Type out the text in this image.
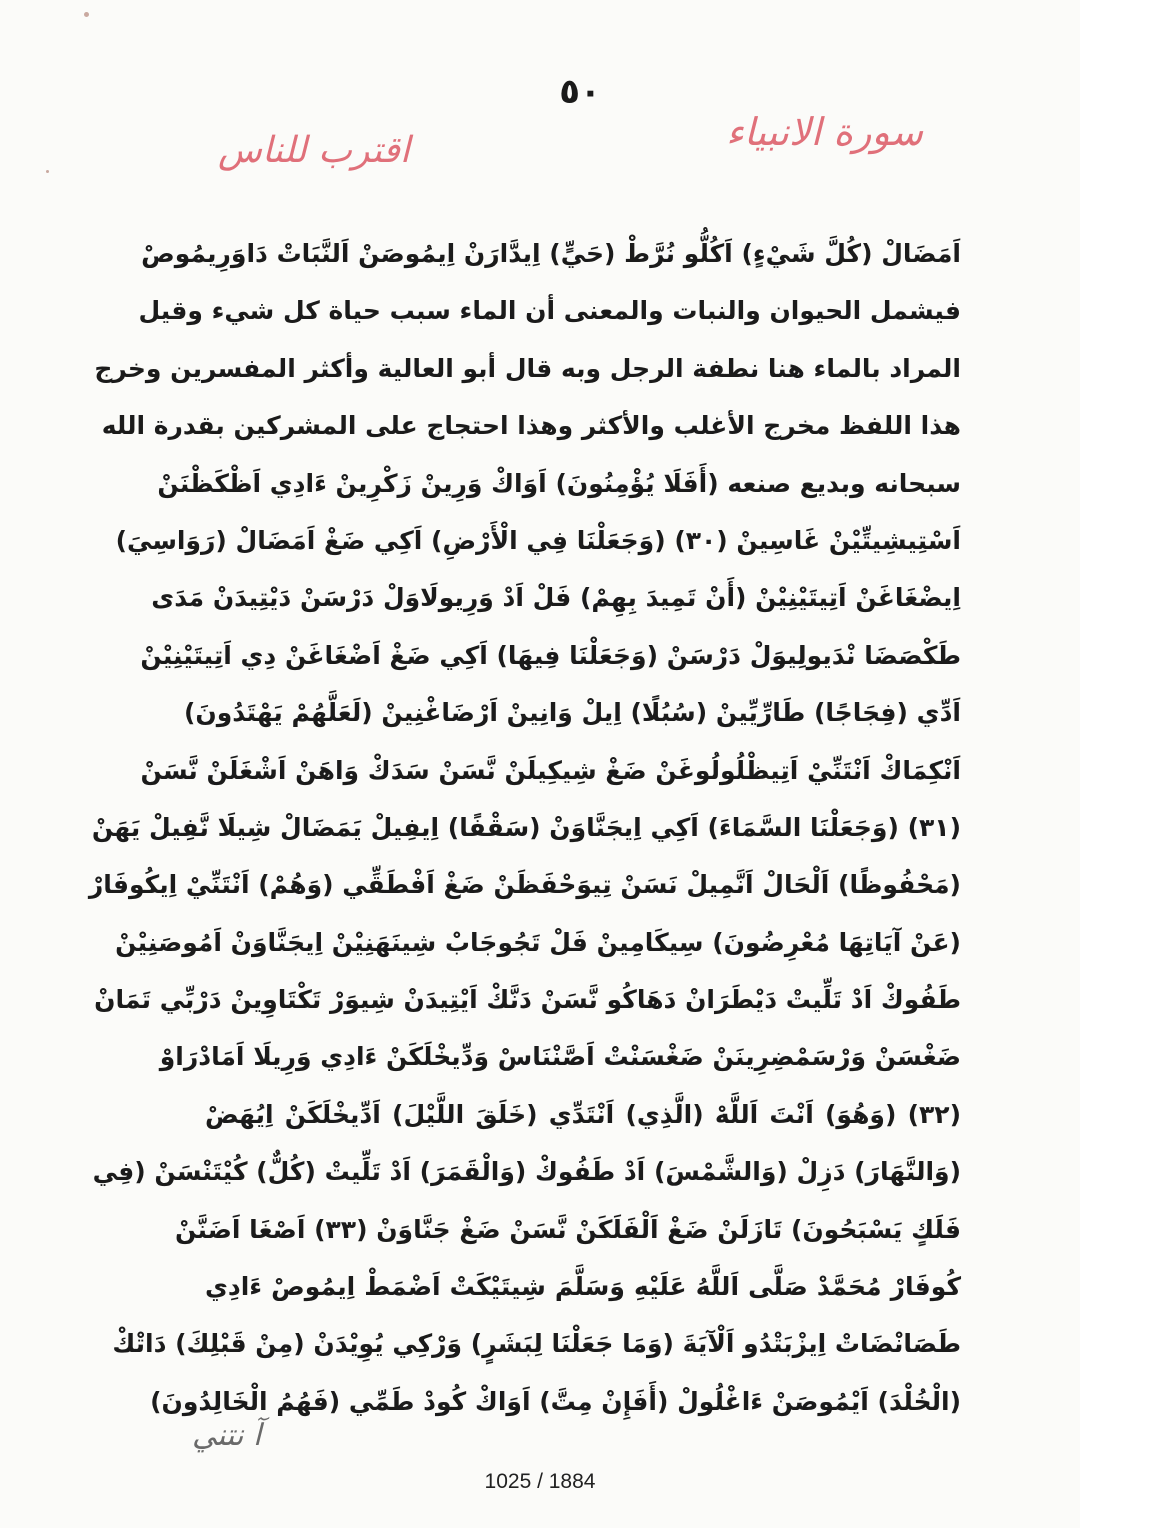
٥٠
سورة الانبياء
اقترب للناس
اَمَضَالْ (كُلَّ شَيْءٍ) اَكُلُّو نُرَّطْ (حَيٍّ) اِيدَّارَنْ اِيمُوصَنْ اَلنَّبَاتْ دَاوَرِيمُوصْ
فيشمل الحيوان والنبات والمعنى أن الماء سبب حياة كل شيء وقيل
المراد بالماء هنا نطفة الرجل وبه قال أبو العالية وأكثر المفسرين وخرج
هذا اللفظ مخرج الأغلب والأكثر وهذا احتجاج على المشركين بقدرة الله
سبحانه وبديع صنعه (أَفَلَا يُؤْمِنُونَ) اَوَاكْ وَرِينْ زَكْرِينْ ءَادِي اَظْكَظْنَنْ
اَسْتِيشِيتِّيْنْ غَاسِينْ (٣٠) (وَجَعَلْنَا فِي الْأَرْضِ) اَكِي ضَغْ اَمَضَالْ (رَوَاسِيَ)
اِيضْغَاغَنْ اَتِيتَيْنِيْنْ (أَنْ تَمِيدَ بِهِمْ) فَلْ اَدْ وَرِيولَاوَلْ دَرْسَنْ دَيْتِيدَنْ مَدَى
طَكْصَضَا نْدَيولِيوَلْ دَرْسَنْ (وَجَعَلْنَا فِيهَا) اَكِي ضَغْ اَضْغَاغَنْ دِي اَتِيتَيْنِيْنْ
اَدِّي (فِجَاجًا) طَارِّيِّينْ (سُبُلًا) اِيلْ وَانِينْ اَرْضَاغْنِينْ (لَعَلَّهُمْ يَهْتَدُونَ)
اَنْكِمَاكْ اَنْتَنِّيْ اَتِيظْلُولُوغَنْ ضَغْ شِيكِيلَنْ نَّسَنْ سَدَكْ وَاهَنْ اَشْغَلَنْ نَّسَنْ
(٣١) (وَجَعَلْنَا السَّمَاءَ) اَكِي اِيجَنَّاوَنْ (سَقْفًا) اِيفِيلْ يَمَضَالْ شِيلَا نَّفِيلْ يَهَنْ
(مَحْفُوظًا) اَلْحَالْ اَنَّمِيلْ نَسَنْ تِيوَحْفَظَنْ ضَغْ اَفْطَقِّي (وَهُمْ) اَنْتَنِّيْ اِيكُوفَارْ
(عَنْ آيَاتِهَا مُعْرِضُونَ) سِيكَامِينْ فَلْ تَجُوجَابْ شِينَهَنِيْنْ اِيجَنَّاوَنْ اَمُوصَنِيْنْ
طَفُوكْ اَدْ تَلِّيتْ دَيْطَرَانْ دَهَاكُو نَّسَنْ دَنَّكْ اَيْتِيدَنْ شِيوَرْ تَكْتَاوِينْ دَرْبِّي تَمَانْ
ضَغْسَنْ وَرْسَمْضِرِينَنْ ضَغْسَنْتْ اَصَّنْنَاسْ وَدِّيخْلَكَنْ ءَادِي وَرِيلَا اَمَادْرَاوْ
(٣٢) (وَهُوَ) اَنْتَ اَللَّهْ (الَّذِي) اَنْتَدِّي (خَلَقَ اللَّيْلَ) اَدِّيخْلَكَنْ اِيُهَضْ
(وَالنَّهَارَ) دَزِلْ (وَالشَّمْسَ) اَدْ طَفُوكْ (وَالْقَمَرَ) اَدْ تَلِّيتْ (كُلٌّ) كُيْتَنْسَنْ (فِي
فَلَكٍ يَسْبَحُونَ) تَازَلَنْ ضَغْ اَلْفَلَكَنْ نَّسَنْ ضَغْ جَنَّاوَنْ (٣٣) اَصْغَا اَضَنَّنْ
كُوفَارْ مُحَمَّدْ صَلَّى اَللَّهُ عَلَيْهِ وَسَلَّمَ شِيتَيْكَتْ اَضْمَطْ اِيمُوصْ ءَادِي
طَصَانْضَاتْ اِيزْبَتْدُو اَلْآيَةَ (وَمَا جَعَلْنَا لِبَشَرٍ) وَرْكِي يُوِيْدَنْ (مِنْ قَبْلِكَ) دَاتْكْ
(الْخُلْدَ) اَيْمُوصَنْ ءَاغْلُولْ (أَفَإِنْ مِتَّ) اَوَاكْ كُودْ طَمِّي (فَهُمُ الْخَالِدُونَ)
آ نتني
1025 / 1884
